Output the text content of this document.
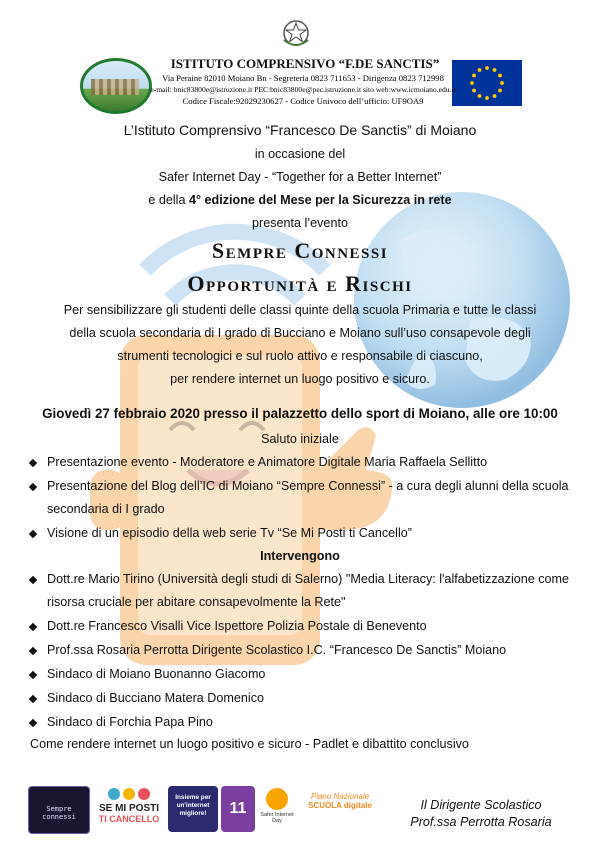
ISTITUTO COMPRENSIVO “F.DE SANCTIS”
Via Peraine 82010 Moiano Bn - Segreteria 0823 711653 - Dirigenza 0823 712998
e-mail: bnic83800e@istruzione.it PEC:bnic83800e@pec.istruzione.it sito web:www.icmoiano.edu.it
Codice Fiscale:92029230627 - Codice Univoco dell’ufficio: UF9OA9
L’Istituto Comprensivo “Francesco De Sanctis” di Moiano
in occasione del
Safer Internet Day - “Together for a Better Internet”
e della 4° edizione del Mese per la Sicurezza in rete
presenta l’evento
Sempre Connessi
Opportunità e Rischi
Per sensibilizzare gli studenti delle classi quinte della scuola Primaria e tutte le classi
della scuola secondaria di I grado di Bucciano e Moiano sull’uso consapevole degli
strumenti tecnologici e sul ruolo attivo e responsabile di ciascuno,
per rendere internet un luogo positivo e sicuro.
Giovedì 27 febbraio 2020 presso il palazzetto dello sport di Moiano, alle ore 10:00
Saluto iniziale
Presentazione evento - Moderatore e Animatore Digitale Maria Raffaela Sellitto
Presentazione del Blog dell’IC di Moiano “Sempre Connessi” - a cura degli alunni della scuola secondaria di I grado
Visione di un episodio della web serie Tv “Se Mi Posti ti Cancello”
Intervengono
Dott.re Mario Tirino (Università degli studi di Salerno) "Media Literacy: l'alfabetizzazione come risorsa cruciale per abitare consapevolmente la Rete"
Dott.re Francesco Visalli Vice Ispettore Polizia Postale di Benevento
Prof.ssa Rosaria Perrotta Dirigente Scolastico I.C. “Francesco De Sanctis” Moiano
Sindaco di Moiano Buonanno Giacomo
Sindaco di Bucciano Matera Domenico
Sindaco di Forchia Papa Pino
Come rendere internet un luogo positivo e sicuro - Padlet e dibattito conclusivo
Sempre connessi
SE MI POSTI
TI CANCELLO
Insieme per un'internet migliore!	11	Safer Internet Day
Piano Nazionale
SCUOLA digitale	Il Dirigente Scolastico
Prof.ssa Perrotta Rosaria
